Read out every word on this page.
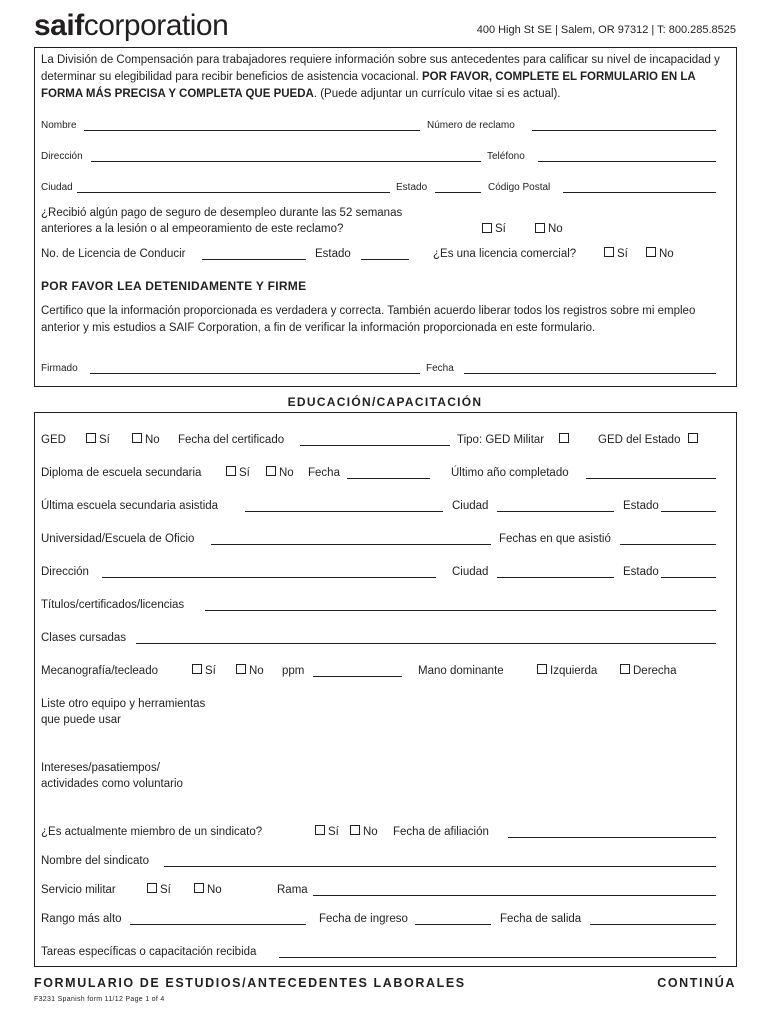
saifcorporation	400 High St SE | Salem, OR 97312 | T: 800.285.8525
La División de Compensación para trabajadores requiere información sobre sus antecedentes para calificar su nivel de incapacidad y determinar su elegibilidad para recibir beneficios de asistencia vocacional. POR FAVOR, COMPLETE EL FORMULARIO EN LA FORMA MÁS PRECISA Y COMPLETA QUE PUEDA. (Puede adjuntar un currículo vitae si es actual).
Nombre	Número de reclamo
Dirección	Teléfono
Ciudad	Estado	Código Postal
¿Recibió algún pago de seguro de desempleo durante las 52 semanas
anteriores a la lesión o al empeoramiento de este reclamo?	Sí	No
No. de Licencia de Conducir	Estado	¿Es una licencia comercial?	Sí	No
POR FAVOR LEA DETENIDAMENTE Y FIRME
Certifico que la información proporcionada es verdadera y correcta. También acuerdo liberar todos los registros sobre mi empleo anterior y mis estudios a SAIF Corporation, a fin de verificar la información proporcionada en este formulario.
Firmado	Fecha
EDUCACIÓN/CAPACITACIÓN
GED	Sí	No Fecha del certificado	Tipo: GED Militar	GED del Estado
Diploma de escuela secundaria	Sí	No Fecha	Último año completado
Última escuela secundaria asistida	Ciudad	Estado
Universidad/Escuela de Oficio	Fechas en que asistió
Dirección	Ciudad	Estado
Títulos/certificados/licencias
Clases cursadas
Mecanografía/tecleado	Sí	No ppm	Mano dominante	Izquierda	Derecha
Liste otro equipo y herramientas
que puede usar
Intereses/pasatiempos/
actividades como voluntario
¿Es actualmente miembro de un sindicato?	Sí No Fecha de afiliación
Nombre del sindicato
Servicio militar	Sí	No	Rama
Rango más alto	Fecha de ingreso	Fecha de salida
Tareas específicas o capacitación recibida
FORMULARIO DE ESTUDIOS/ANTECEDENTES LABORALES	CONTINÚA
F3231 Spanish form 11/12 Page 1 of 4
